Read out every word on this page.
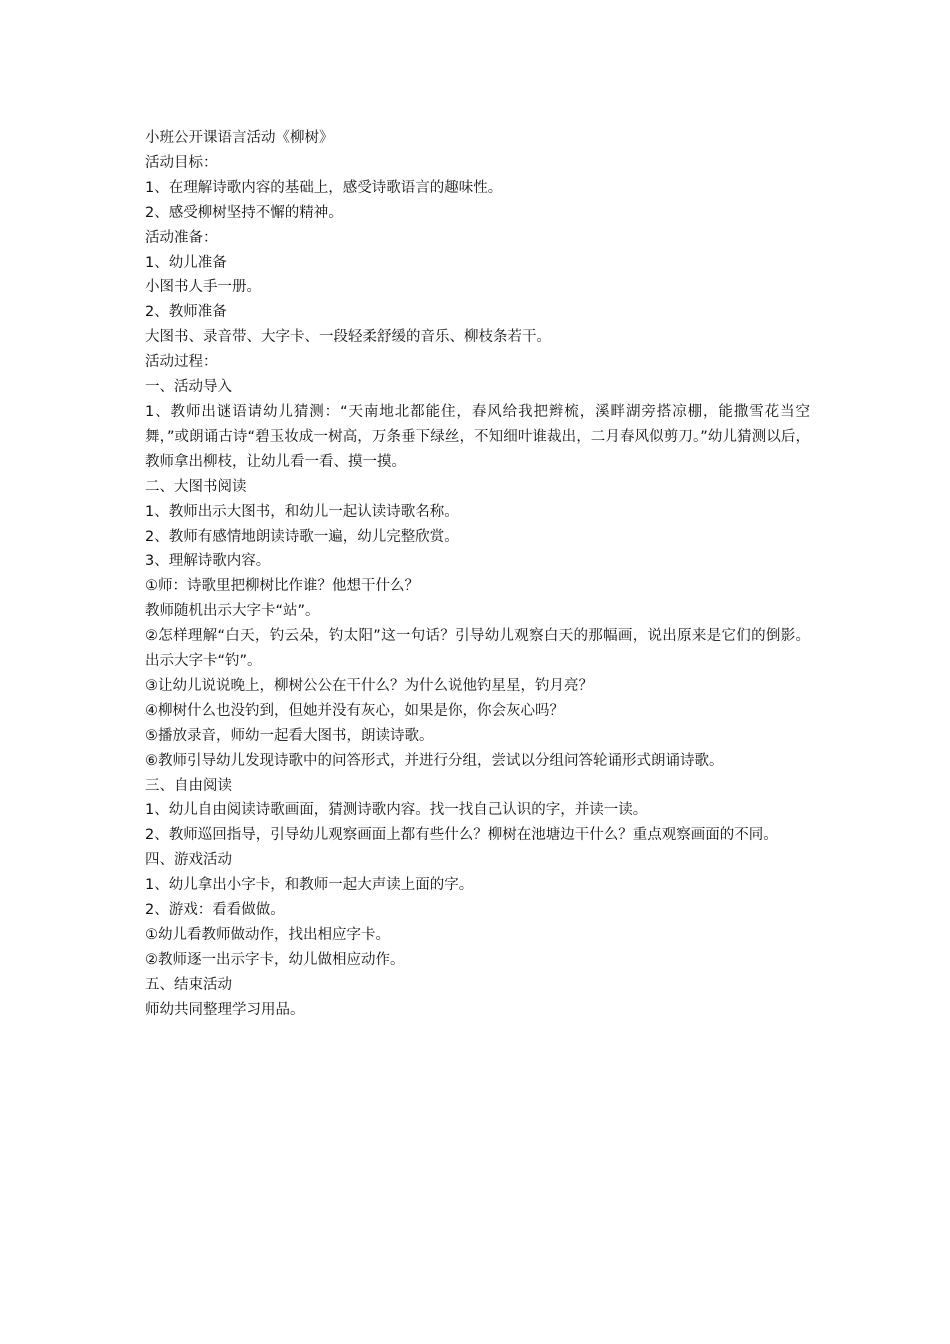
小班公开课语言活动《柳树》

活动目标：

1、在理解诗歌内容的基础上，感受诗歌语言的趣味性。

2、感受柳树坚持不懈的精神。

活动准备：

1、幼儿准备

小图书人手一册。

2、教师准备

大图书、录音带、大字卡、一段轻柔舒缓的音乐、柳枝条若干。

活动过程：

一、活动导入

1、教师出谜语请幼儿猜测：“天南地北都能住，春风给我把辫梳，溪畔湖旁搭凉棚，能撒雪花当空舞，”或朗诵古诗“碧玉妆成一树高，万条垂下绿丝，不知细叶谁裁出，二月春风似剪刀。”幼儿猜测以后，教师拿出柳枝，让幼儿看一看、摸一摸。

二、大图书阅读

1、教师出示大图书，和幼儿一起认读诗歌名称。

2、教师有感情地朗读诗歌一遍，幼儿完整欣赏。

3、理解诗歌内容。

①师：诗歌里把柳树比作谁？他想干什么？

教师随机出示大字卡“站”。

②怎样理解“白天，钓云朵，钓太阳”这一句话？引导幼儿观察白天的那幅画，说出原来是它们的倒影。出示大字卡“钓”。

③让幼儿说说晚上，柳树公公在干什么？为什么说他钓星星，钓月亮？

④柳树什么也没钓到，但她并没有灰心，如果是你，你会灰心吗？

⑤播放录音，师幼一起看大图书，朗读诗歌。

⑥教师引导幼儿发现诗歌中的问答形式，并进行分组，尝试以分组问答轮诵形式朗诵诗歌。

三、自由阅读

1、幼儿自由阅读诗歌画面，猜测诗歌内容。找一找自己认识的字，并读一读。

2、教师巡回指导，引导幼儿观察画面上都有些什么？柳树在池塘边干什么？重点观察画面的不同。

四、游戏活动

1、幼儿拿出小字卡，和教师一起大声读上面的字。

2、游戏：看看做做。

①幼儿看教师做动作，找出相应字卡。

②教师逐一出示字卡，幼儿做相应动作。

五、结束活动

师幼共同整理学习用品。
